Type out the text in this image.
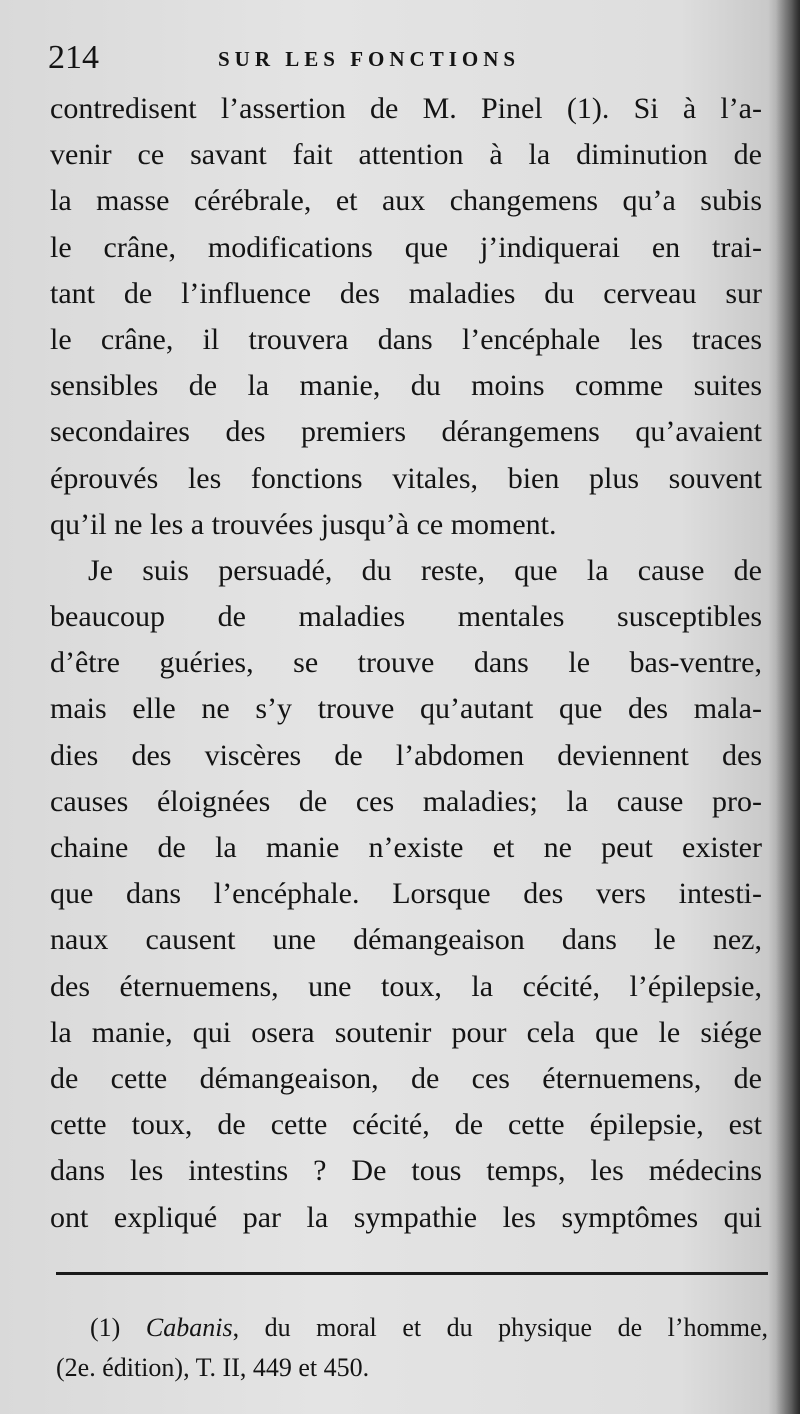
214	SUR LES FONCTIONS
contredisent l’assertion de M. Pinel (1). Si à l’a-
venir ce savant fait attention à la diminution de
la masse cérébrale, et aux changemens qu’a subis
le crâne, modifications que j’indiquerai en trai-
tant de l’influence des maladies du cerveau sur
le crâne, il trouvera dans l’encéphale les traces
sensibles de la manie, du moins comme suites
secondaires des premiers dérangemens qu’avaient
éprouvés les fonctions vitales, bien plus souvent
qu’il ne les a trouvées jusqu’à ce moment.
Je suis persuadé, du reste, que la cause de
beaucoup de maladies mentales susceptibles
d’être guéries, se trouve dans le bas-ventre,
mais elle ne s’y trouve qu’autant que des mala-
dies des viscères de l’abdomen deviennent des
causes éloignées de ces maladies; la cause pro-
chaine de la manie n’existe et ne peut exister
que dans l’encéphale. Lorsque des vers intesti-
naux causent une démangeaison dans le nez,
des éternuemens, une toux, la cécité, l’épilepsie,
la manie, qui osera soutenir pour cela que le siége
de cette démangeaison, de ces éternuemens, de
cette toux, de cette cécité, de cette épilepsie, est
dans les intestins ? De tous temps, les médecins
ont expliqué par la sympathie les symptômes qui
(1) Cabanis, du moral et du physique de l’homme,
(2e. édition), T. II, 449 et 450.
